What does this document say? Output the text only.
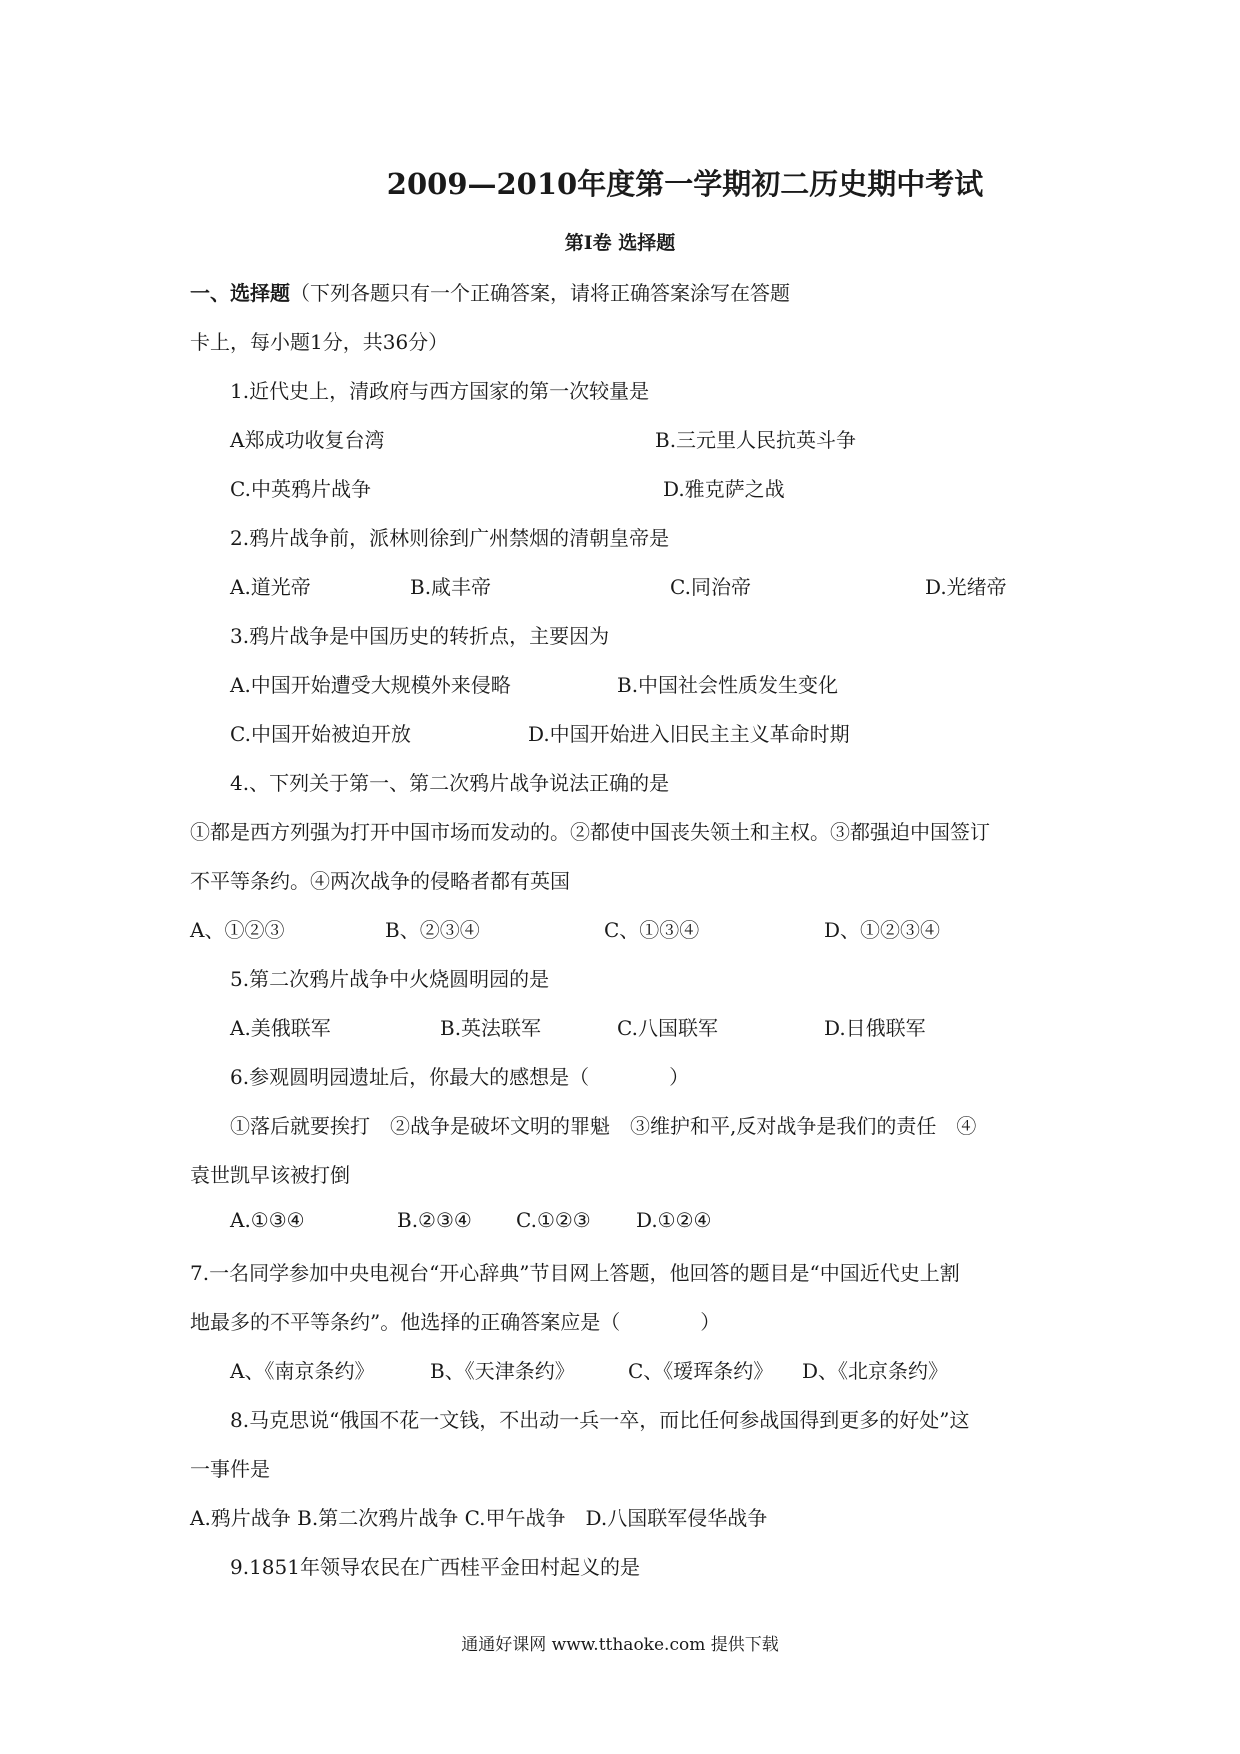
2009—2010年度第一学期初二历史期中考试
第Ⅰ卷 选择题
一、选择题（下列各题只有一个正确答案，请将正确答案涂写在答题
卡上，每小题1分，共36分）
1.近代史上，清政府与西方国家的第一次较量是
A郑成功收复台湾	B.三元里人民抗英斗争
C.中英鸦片战争	D.雅克萨之战
2.鸦片战争前，派林则徐到广州禁烟的清朝皇帝是
A.道光帝	B.咸丰帝	C.同治帝	D.光绪帝
3.鸦片战争是中国历史的转折点，主要因为
A.中国开始遭受大规模外来侵略	B.中国社会性质发生变化
C.中国开始被迫开放	D.中国开始进入旧民主主义革命时期
4.、下列关于第一、第二次鸦片战争说法正确的是
①都是西方列强为打开中国市场而发动的。②都使中国丧失领土和主权。③都强迫中国签订
不平等条约。④两次战争的侵略者都有英国
A、①②③	B、②③④	C、①③④	D、①②③④
5.第二次鸦片战争中火烧圆明园的是
A.美俄联军	B.英法联军	C.八国联军	D.日俄联军
6.参观圆明园遗址后，你最大的感想是（　　　　）
①落后就要挨打　②战争是破坏文明的罪魁　③维护和平,反对战争是我们的责任　④
袁世凯早该被打倒
A.①③④	B.②③④ C.①②③ D.①②④
7.一名同学参加中央电视台“开心辞典”节目网上答题，他回答的题目是“中国近代史上割
地最多的不平等条约”。他选择的正确答案应是（　　　　）
A、《南京条约》	B、《天津条约》	C、《瑷珲条约》 D、《北京条约》
8.马克思说“俄国不花一文钱，不出动一兵一卒，而比任何参战国得到更多的好处”这
一事件是
A.鸦片战争 B.第二次鸦片战争 C.甲午战争　D.八国联军侵华战争
9.1851年领导农民在广西桂平金田村起义的是
通通好课网 www.tthaoke.com 提供下载
